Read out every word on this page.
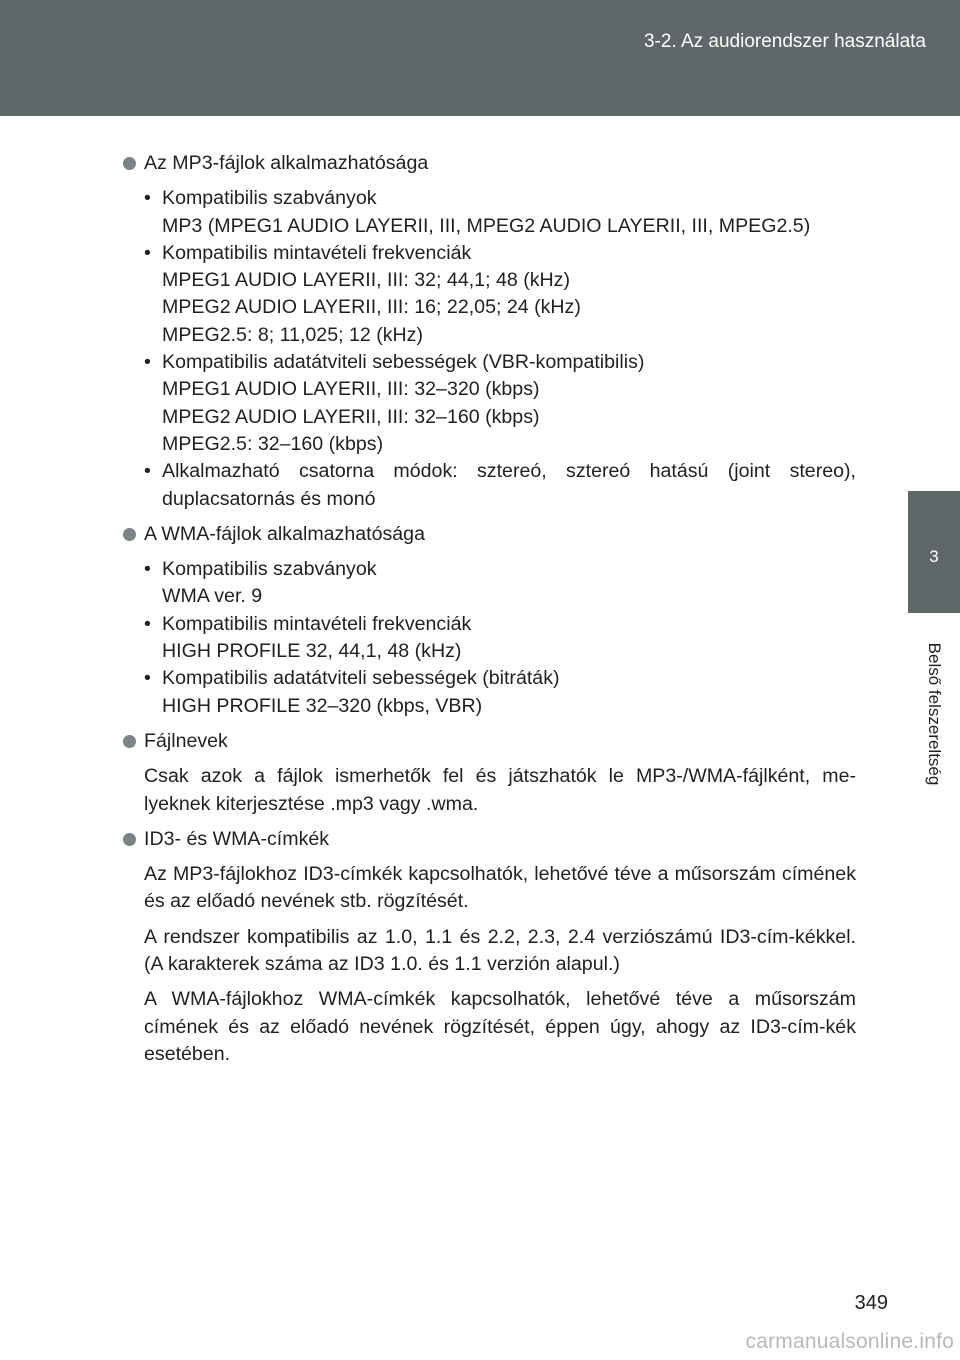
3-2. Az audiorendszer használata
3
Belső felszereltség
Az MP3-fájlok alkalmazhatósága
• Kompatibilis szabványok
MP3 (MPEG1 AUDIO LAYERII, III, MPEG2 AUDIO LAYERII, III, MPEG2.5)
• Kompatibilis mintavételi frekvenciák
MPEG1 AUDIO LAYERII, III: 32; 44,1; 48 (kHz)
MPEG2 AUDIO LAYERII, III: 16; 22,05; 24 (kHz)
MPEG2.5: 8; 11,025; 12 (kHz)
• Kompatibilis adatátviteli sebességek (VBR-kompatibilis)
MPEG1 AUDIO LAYERII, III: 32–320 (kbps)
MPEG2 AUDIO LAYERII, III: 32–160 (kbps)
MPEG2.5: 32–160 (kbps)
• Alkalmazható csatorna módok: sztereó, sztereó hatású (joint stereo), duplacsatornás és monó
A WMA-fájlok alkalmazhatósága
• Kompatibilis szabványok
WMA ver. 9
• Kompatibilis mintavételi frekvenciák
HIGH PROFILE 32, 44,1, 48 (kHz)
• Kompatibilis adatátviteli sebességek (bitráták)
HIGH PROFILE 32–320 (kbps, VBR)
Fájlnevek

Csak azok a fájlok ismerhetők fel és játszhatók le MP3-/WMA-fájlként, me-lyeknek kiterjesztése .mp3 vagy .wma.

ID3- és WMA-címkék

Az MP3-fájlokhoz ID3-címkék kapcsolhatók, lehetővé téve a műsorszám címének és az előadó nevének stb. rögzítését.

A rendszer kompatibilis az 1.0, 1.1 és 2.2, 2.3, 2.4 verziószámú ID3-cím-kékkel. (A karakterek száma az ID3 1.0. és 1.1 verzión alapul.)

A WMA-fájlokhoz WMA-címkék kapcsolhatók, lehetővé téve a műsorszám címének és az előadó nevének rögzítését, éppen úgy, ahogy az ID3-cím-kék esetében.

349
carmanualsonline.info
